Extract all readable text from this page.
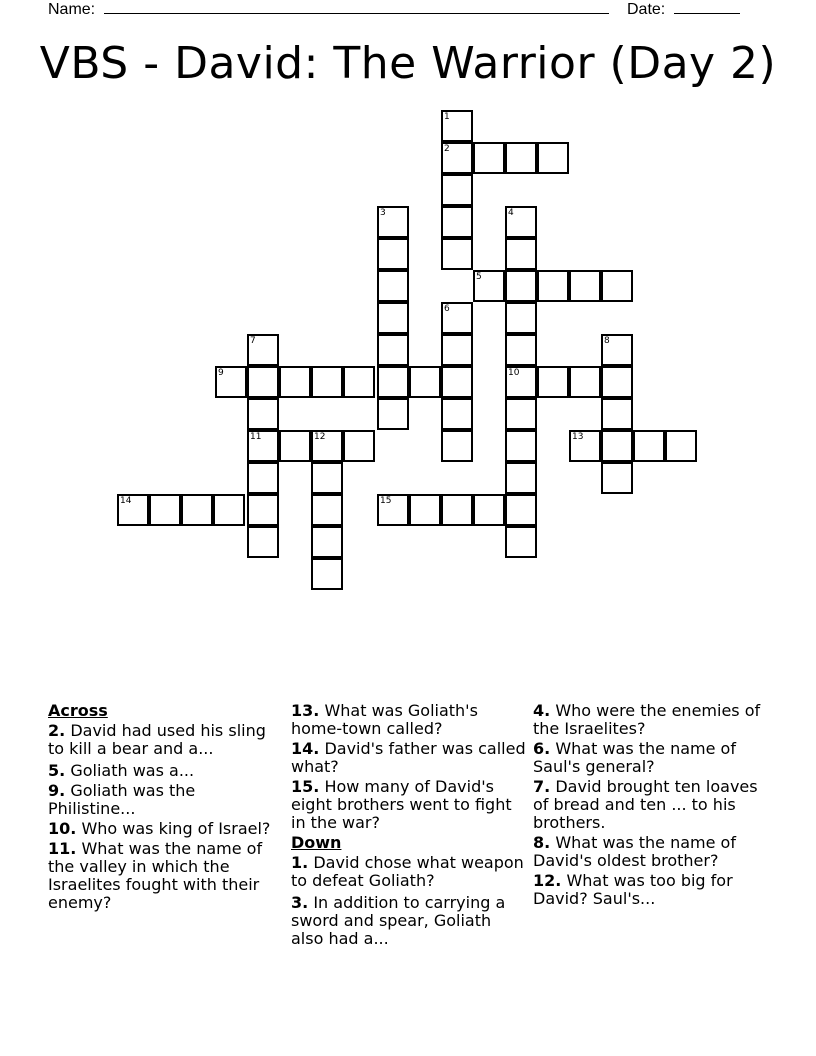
Name:	Date:
VBS - David: The Warrior (Day 2)
1
2
3	4
10
5
6
7
11
8
9
12	13
14	15
Across
2. David had used his sling to kill a bear and a...
5. Goliath was a...
9. Goliath was the Philistine...
10. Who was king of Israel?
11. What was the name of the valley in which the Israelites fought with their enemy?
13. What was Goliath's home-town called?
14. David's father was called what?
15. How many of David's eight brothers went to fight in the war?
Down
1. David chose what weapon to defeat Goliath?
3. In addition to carrying a sword and spear, Goliath also had a...
4. Who were the enemies of the Israelites?
6. What was the name of Saul's general?
7. David brought ten loaves of bread and ten ... to his brothers.
8. What was the name of David's oldest brother?
12. What was too big for David? Saul's...
